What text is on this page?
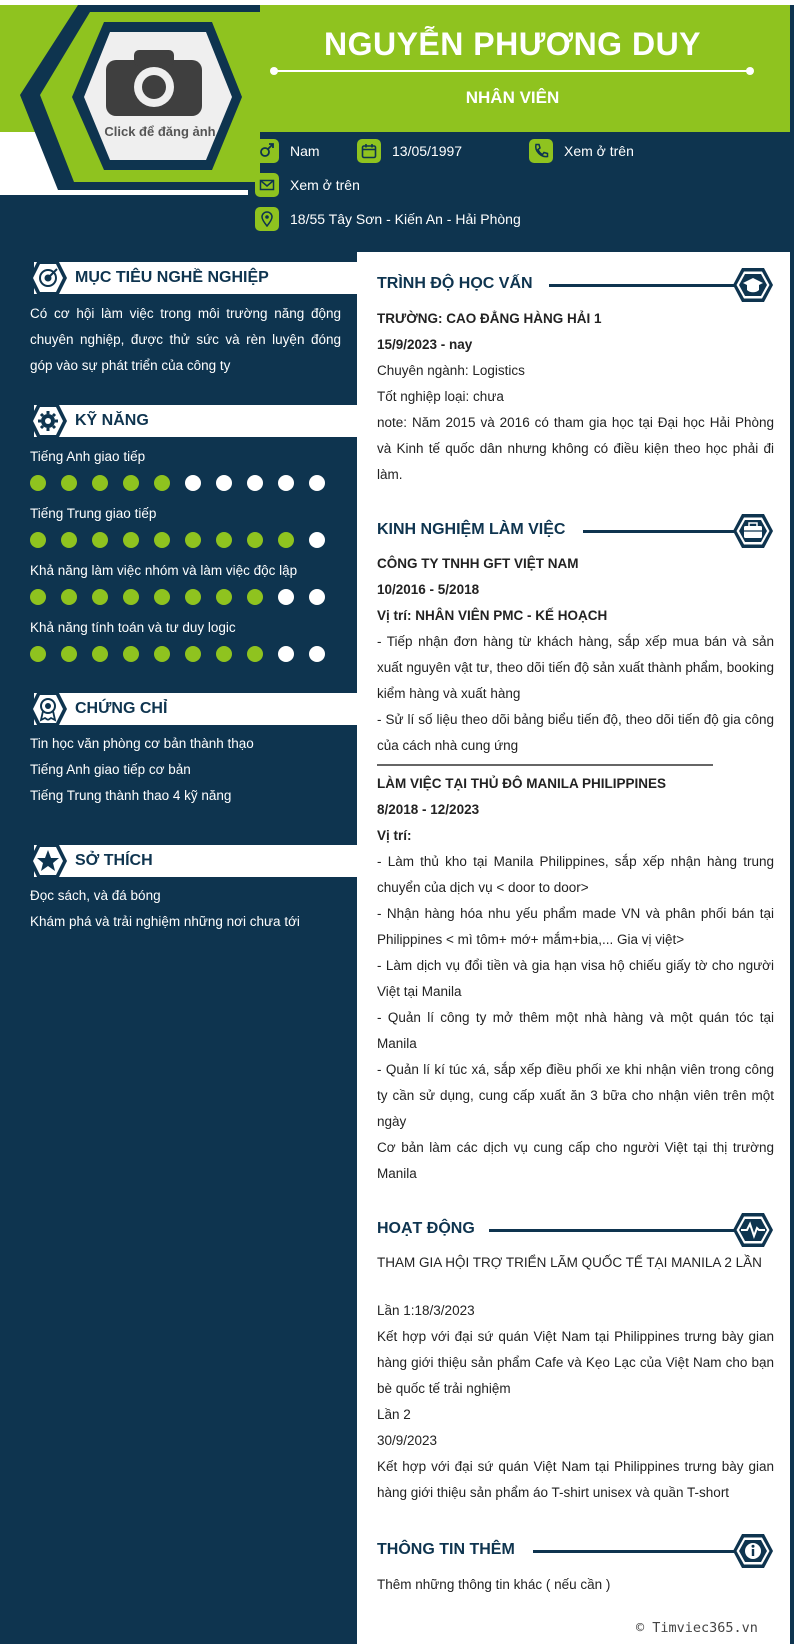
Click để đăng ảnh
NGUYỄN PHƯƠNG DUY
NHÂN VIÊN
Nam	13/05/1997	Xem ở trên
Xem ở trên
18/55 Tây Sơn - Kiến An - Hải Phòng
MỤC TIÊU NGHỀ NGHIỆP
Có cơ hội làm việc trong môi trường năng động chuyên nghiệp, được thử sức và rèn luyện đóng góp vào sự phát triển của công ty
KỸ NĂNG
Tiếng Anh giao tiếp
Tiếng Trung giao tiếp
Khả năng làm việc nhóm và làm việc độc lập
Khả năng tính toán và tư duy logic
CHỨNG CHỈ
Tin học văn phòng cơ bản thành thạo
Tiếng Anh giao tiếp cơ bản
Tiếng Trung thành thao 4 kỹ năng
SỞ THÍCH
Đọc sách, và đá bóng
Khám phá và trải nghiệm những nơi chưa tới
TRÌNH ĐỘ HỌC VẤN
TRƯỜNG: CAO ĐẲNG HÀNG HẢI 1
15/9/2023 - nay
Chuyên ngành: Logistics
Tốt nghiệp loại: chưa
note: Năm 2015 và 2016 có tham gia học tại Đại học Hải Phòng và Kinh tế quốc dân nhưng không có điều kiện theo học phải đi làm.
KINH NGHIỆM LÀM VIỆC
CÔNG TY TNHH GFT VIỆT NAM
10/2016 - 5/2018
Vị trí: NHÂN VIÊN PMC - KẾ HOẠCH
- Tiếp nhận đơn hàng từ khách hàng, sắp xếp mua bán và sản xuất nguyên vật tư, theo dõi tiến độ sản xuất thành phẩm, booking kiểm hàng và xuất hàng
- Sử lí số liệu theo dõi bảng biểu tiến độ, theo dõi tiến độ gia công của cách nhà cung ứng
LÀM VIỆC TẠI THỦ ĐÔ MANILA PHILIPPINES
8/2018 - 12/2023
Vị trí:
- Làm thủ kho tại Manila Philippines, sắp xếp nhận hàng trung chuyển của dịch vụ < door to door>
- Nhận hàng hóa nhu yếu phẩm made VN và phân phối bán tại Philippines < mì tôm+ mớ+ mắm+bia,... Gia vị việt>
- Làm dịch vụ đổi tiền và gia hạn visa hộ chiếu giấy tờ cho người Việt tại Manila
- Quản lí công ty mở thêm một nhà hàng và một quán tóc tại Manila
- Quản lí kí túc xá, sắp xếp điều phối xe khi nhận viên trong công ty cần sử dụng, cung cấp xuất ăn 3 bữa cho nhận viên trên một ngày
Cơ bản làm các dịch vụ cung cấp cho người Việt tại thị trường Manila
HOẠT ĐỘNG
THAM GIA HỘI TRỢ TRIỂN LÃM QUỐC TẾ TẠI MANILA 2 LẦN
Lần 1:18/3/2023
Kết hợp với đại sứ quán Việt Nam tại Philippines trưng bày gian hàng giới thiệu sản phẩm Cafe và Kẹo Lạc của Việt Nam cho bạn bè quốc tế trải nghiệm
Lần 2
30/9/2023
Kết hợp với đại sứ quán Việt Nam tại Philippines trưng bày gian hàng giới thiệu sản phẩm áo T-shirt unisex và quần T-short
THÔNG TIN THÊM
Thêm những thông tin khác ( nếu cần )
© Timviec365.vn
